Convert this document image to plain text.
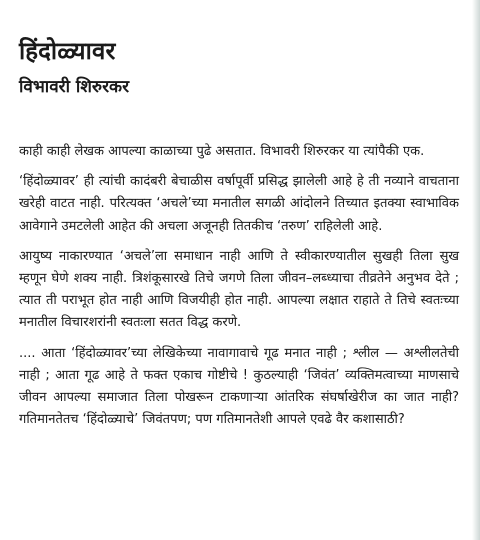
हिंदोळ्यावर
विभावरी शिरुरकर

काही काही लेखक आपल्या काळाच्या पुढे असतात. विभावरी शिरुरकर या त्यांपैकी एक.

‘हिंदोळ्यावर’ ही त्यांची कादंबरी बेचाळीस वर्षापूर्वी प्रसिद्ध झालेली आहे हे ती नव्याने वाचताना खरेही वाटत नाही. परित्यक्त ‘अचले’च्या मनातील सगळी आंदोलने तिच्यात इतक्या स्वाभाविक आवेगाने उमटलेली आहेत की अचला अजूनही तितकीच ‘तरुण’ राहिलेली आहे.

आयुष्य नाकारण्यात ‘अचले’ला समाधान नाही आणि ते स्वीकारण्यातील सुखही तिला सुख म्हणून घेणे शक्य नाही. त्रिशंकूसारखे तिचे जगणे तिला जीवन–लब्ध्याचा तीव्रतेने अनुभव देते ; त्यात ती पराभूत होत नाही आणि विजयीही होत नाही. आपल्या लक्षात राहाते ते तिचे स्वतःच्या मनातील विचारशरांनी स्वतःला सतत विद्ध करणे.

.... आता ‘हिंदोळ्यावर’च्या लेखिकेच्या नावागावाचे गूढ मनात नाही ; श्लील — अश्लीलतेची नाही ; आता गूढ आहे ते फक्त एकाच गोष्टीचे ! कुठल्याही ‘जिवंत’ व्यक्तिमत्वाच्या माणसाचे जीवन आपल्या समाजात तिला पोखरून टाकणाऱ्या आंतरिक संघर्षाखेरीज का जात नाही? गतिमानतेतच ‘हिंदोळ्याचे’ जिवंतपण; पण गतिमानतेशी आपले एवढे वैर कशासाठी?
